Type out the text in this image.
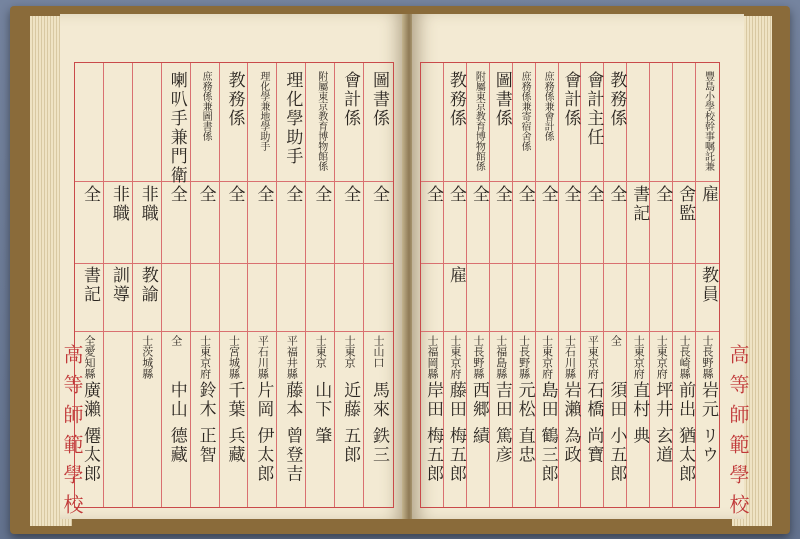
圖書係
全
士山口
馬來 鉄三
會計係
全
士東京
近藤 五郎
附屬東京教育博物館係
全
士東京
山下 肇
理化學助手
全
平福井縣
藤本 曾登吉
理化學兼地學助手
全
平石川縣
片岡 伊太郎
教務係
全
士宮城縣
千葉 兵藏
庶務係兼圖書係
全
士東京府
鈴木 正智
喇叭手兼門衛
全
全
中山 德藏
非職
教諭
士茨城縣
非職
訓導
全
書記
全愛知縣
廣瀨 僊太郎
高等師範學校
豐島小學校幹事嘱託兼
雇
教員
士長野縣
岩元 リウ
舍監
士長崎縣
前出 猶太郎
全
士東京府
坪井 玄道
書記
士東京府
直村 典
教務係
全
全
須田 小五郎
會計主任
全
平東京府
石橋 尚寶
會計係
全
士石川縣
岩瀨 為政
庶務係兼會計係
全
士東京府
島田 鶴三郎
庶務係兼寄宿舍係
全
士長野縣
元松 直忠
圖書係
全
士福島縣
吉田 篤彦
附屬東京教育博物館係
全
士長野縣
西郷 績
教務係
全
雇
士東京府
藤田 梅五郎
全
士福岡縣
岸田 梅五郎	高等師範學校
